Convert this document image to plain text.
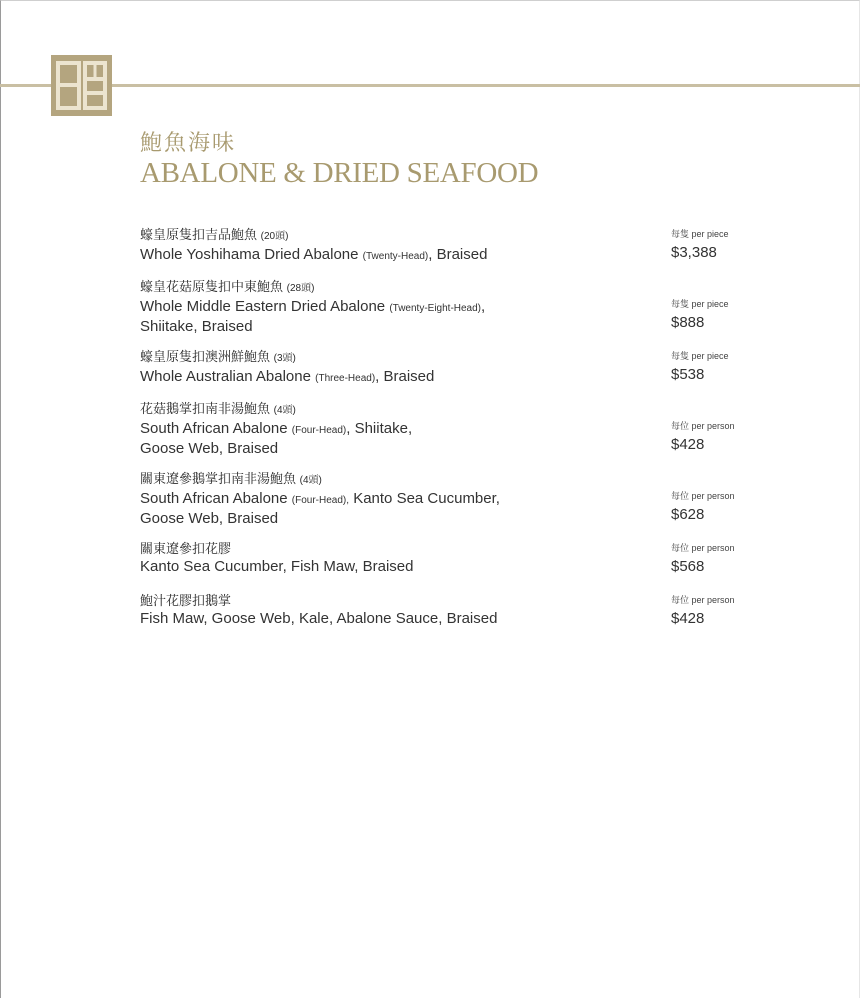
鮑魚海味
ABALONE & DRIED SEAFOOD
蠔皇原隻扣吉品鮑魚 (20頭)
Whole Yoshihama Dried Abalone (Twenty-Head), Braised
每隻 per piece
$3,388
蠔皇花菇原隻扣中東鮑魚 (28頭)
Whole Middle Eastern Dried Abalone (Twenty-Eight-Head),
Shiitake, Braised
每隻 per piece
$888
蠔皇原隻扣澳洲鮮鮑魚 (3頭)
Whole Australian Abalone (Three-Head), Braised
每隻 per piece
$538
花菇鵝掌扣南非湯鮑魚 (4頭)
South African Abalone (Four-Head), Shiitake,
Goose Web, Braised
每位 per person
$428
關東遼參鵝掌扣南非湯鮑魚 (4頭)
South African Abalone (Four-Head), Kanto Sea Cucumber,
Goose Web, Braised
每位 per person
$628
關東遼參扣花膠
Kanto Sea Cucumber, Fish Maw, Braised
每位 per person
$568
鮑汁花膠扣鵝掌
Fish Maw, Goose Web, Kale, Abalone Sauce, Braised
每位 per person
$428
